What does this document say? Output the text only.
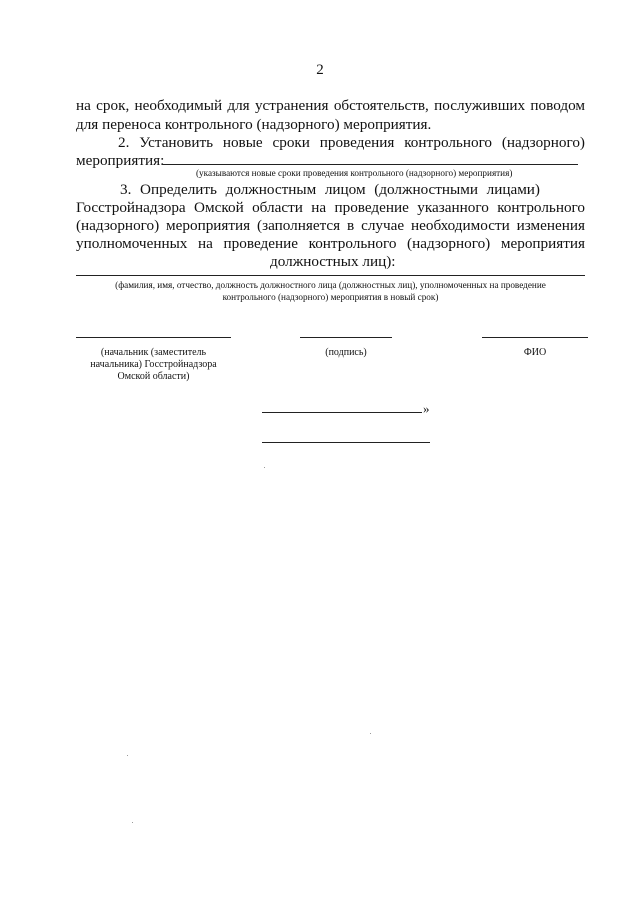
2
на срок, необходимый для устранения обстоятельств, послуживших поводом
для переноса контрольного (надзорного) мероприятия.
2. Установить новые сроки проведения контрольного (надзорного)
мероприятия:
(указываются новые сроки проведения контрольного (надзорного) мероприятия)
3. Определить должностным лицом (должностными лицами)
Госстройнадзора Омской области на проведение указанного контрольного
(надзорного) мероприятия (заполняется в случае необходимости изменения
уполномоченных на проведение контрольного (надзорного) мероприятия
должностных лиц):
(фамилия, имя, отчество, должность должностного лица (должностных лиц), уполномоченных на проведение
контрольного (надзорного) мероприятия в новый срок)
(начальник (заместитель
начальника) Госстройнадзора
Омской области)
(подпись)	ФИО
»
